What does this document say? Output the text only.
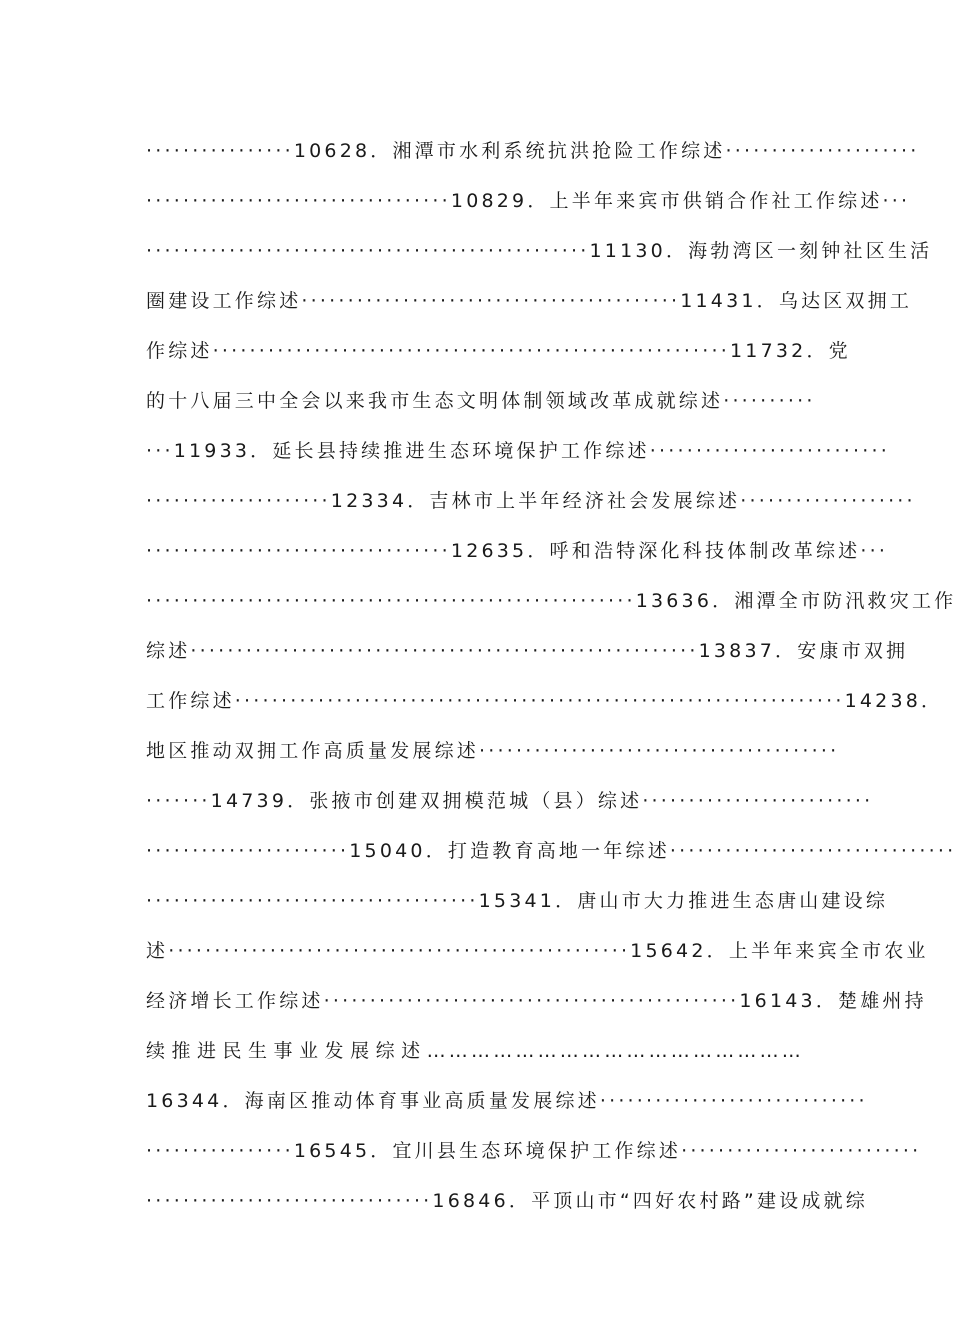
················10628．湘潭市水利系统抗洪抢险工作综述·····················
·································10829．上半年来宾市供销合作社工作综述···
················································11130．海勃湾区一刻钟社区生活
圈建设工作综述·········································11431．乌达区双拥工
作综述························································11732．党
的十八届三中全会以来我市生态文明体制领域改革成就综述··········
···11933．延长县持续推进生态环境保护工作综述··························
····················12334．吉林市上半年经济社会发展综述···················
·································12635．呼和浩特深化科技体制改革综述···
·····················································13636．湘潭全市防汛救灾工作
综述·······················································13837．安康市双拥
工作综述··································································14238．
地区推动双拥工作高质量发展综述·······································
·······14739．张掖市创建双拥模范城（县）综述·························
······················15040．打造教育高地一年综述·······························
····································15341．唐山市大力推进生态唐山建设综
述··················································15642．上半年来宾全市农业
经济增长工作综述·············································16143．楚雄州持
续推进民生事业发展综述……………………………………………
16344．海南区推动体育事业高质量发展综述·····························
················16545．宜川县生态环境保护工作综述··························
·······························16846．平顶山市“四好农村路”建设成就综
